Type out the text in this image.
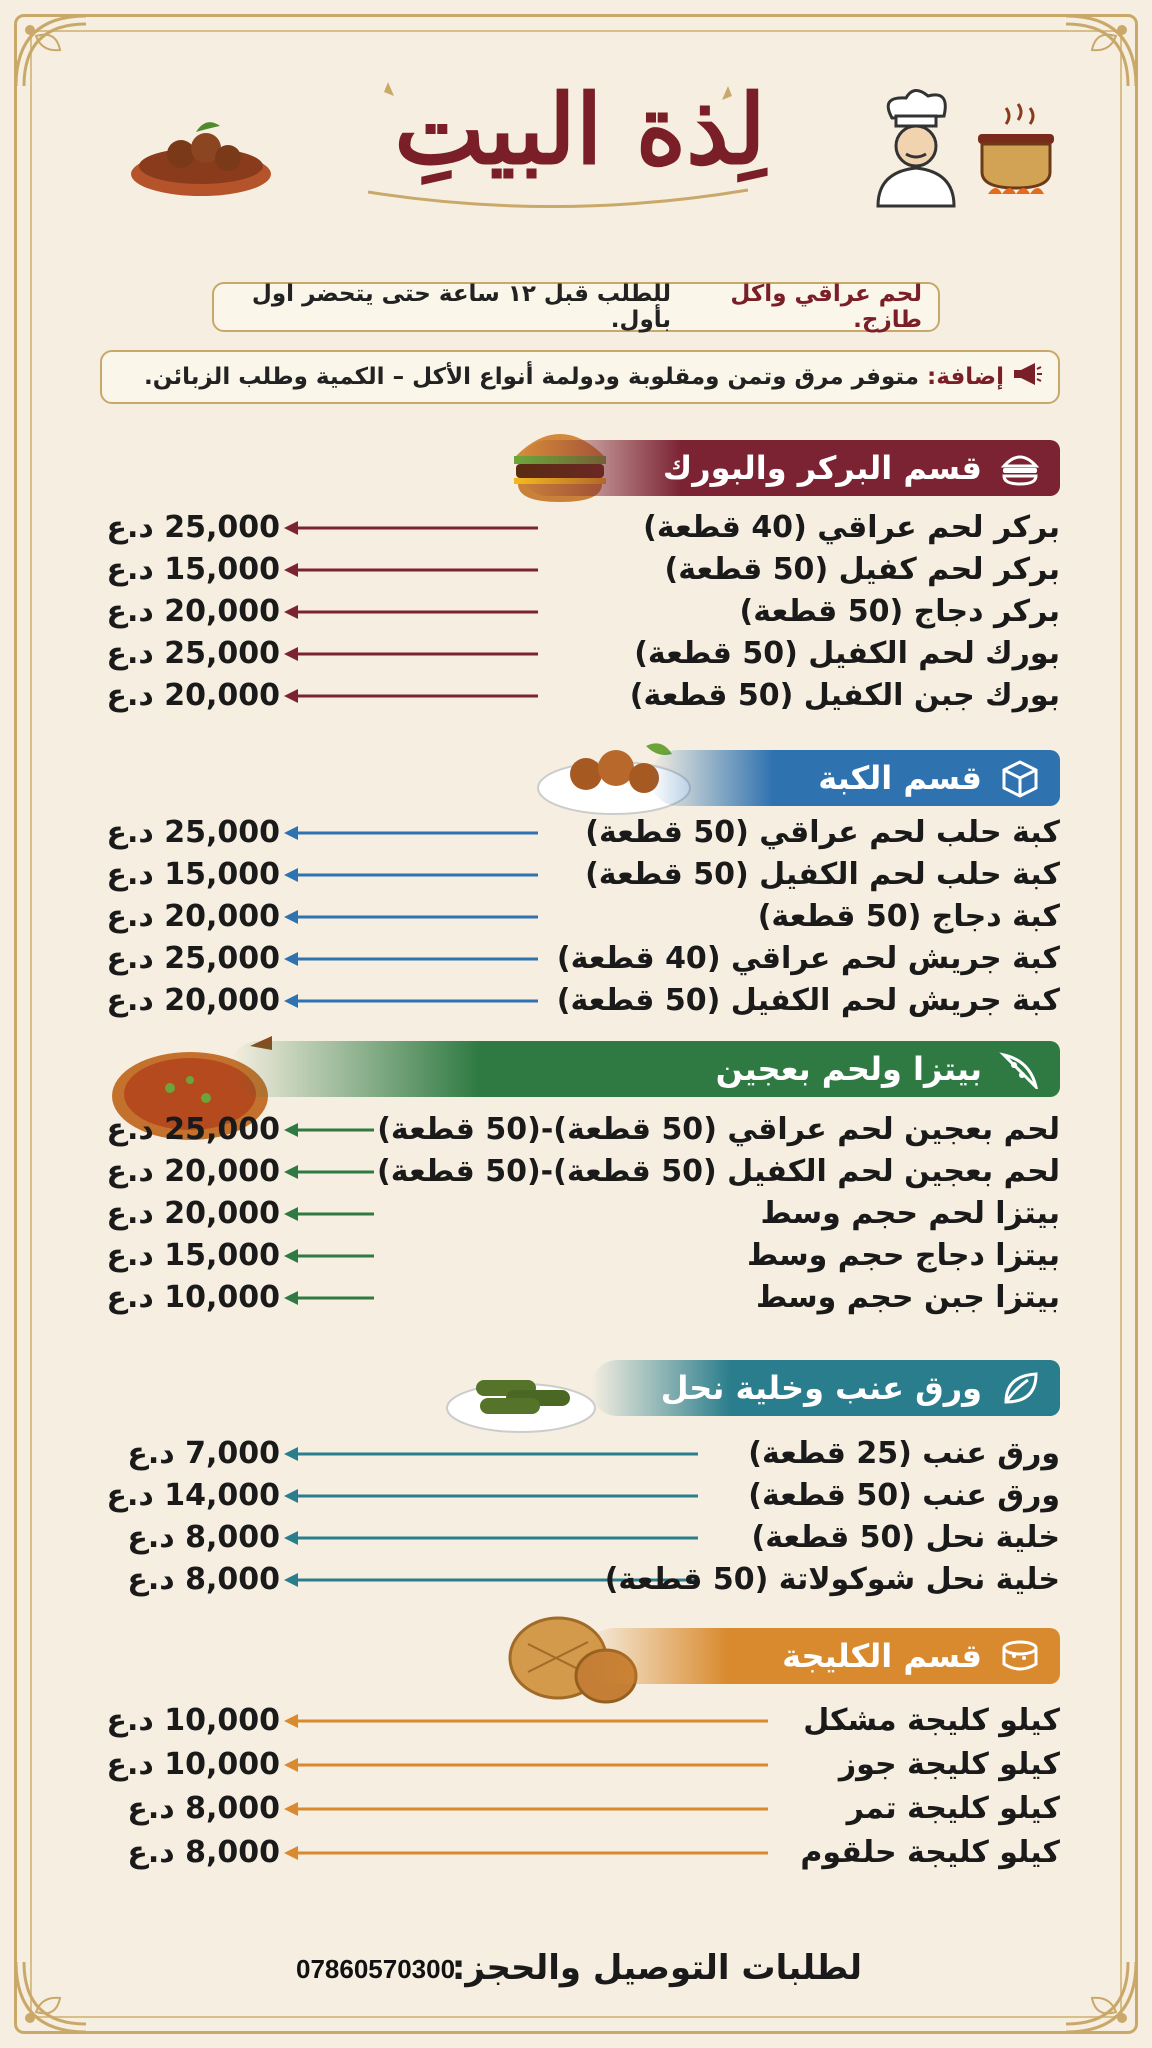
لِذة البيتِ
لحم عراقي واكل طازج.

للطلب قبل ١٢ ساعة حتى يتحضر اول بأول.
إضافة:
متوفر مرق وتمن ومقلوبة ودولمة أنواع الأكل – الكمية وطلب الزبائن.
قسم البركر والبورك
25,000 د.ع	بركر لحم عراقي (40 قطعة)
15,000 د.ع	بركر لحم كفيل (50 قطعة)
20,000 د.ع	بركر دجاج (50 قطعة)
25,000 د.ع	بورك لحم الكفيل (50 قطعة)
20,000 د.ع	بورك جبن الكفيل (50 قطعة)
قسم الكبة
25,000 د.ع	كبة حلب لحم عراقي (50 قطعة)
15,000 د.ع	كبة حلب لحم الكفيل (50 قطعة)
20,000 د.ع	كبة دجاج (50 قطعة)
25,000 د.ع	كبة جريش لحم عراقي (40 قطعة)
20,000 د.ع	كبة جريش لحم الكفيل (50 قطعة)
بيتزا ولحم بعجين
25,000 د.ع	لحم بعجين لحم عراقي (50 قطعة)-(50 قطعة)
20,000 د.ع	لحم بعجين لحم الكفيل (50 قطعة)-(50 قطعة)
20,000 د.ع	بيتزا لحم حجم وسط
15,000 د.ع	بيتزا دجاج حجم وسط
10,000 د.ع	بيتزا جبن حجم وسط
ورق عنب وخلية نحل
7,000 د.ع	ورق عنب (25 قطعة)
14,000 د.ع	ورق عنب (50 قطعة)
8,000 د.ع	خلية نحل (50 قطعة)
8,000 د.ع	خلية نحل شوكولاتة (50 قطعة)
قسم الكليجة
10,000 د.ع	كيلو كليجة مشكل
10,000 د.ع	كيلو كليجة جوز
8,000 د.ع	كيلو كليجة تمر
8,000 د.ع	كيلو كليجة حلقوم
لطلبات التوصيل والحجز:
07860570300
